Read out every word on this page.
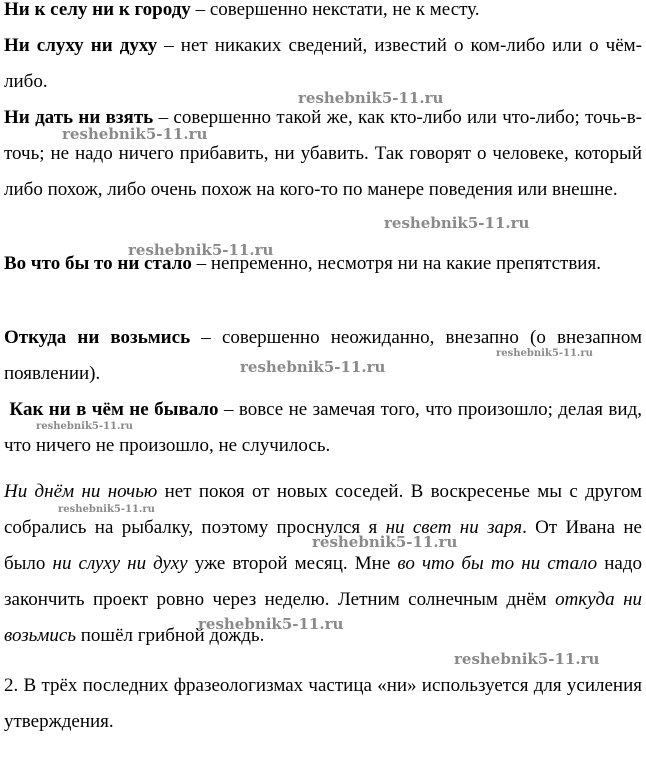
Ни к селу ни к городу – совершенно некстати, не к месту.

Ни слуху ни духу – нет никаких сведений, известий о ком-либо или о чём-либо.

Ни дать ни взять – совершенно такой же, как кто-либо или что-либо; точь-в-точь; не надо ничего прибавить, ни убавить. Так говорят о человеке, который либо похож, либо очень похож на кого-то по манере поведения или внешне.

Во что бы то ни стало – непременно, несмотря ни на какие препятствия.

Откуда ни возьмись – совершенно неожиданно, внезапно (о внезапном появлении).

Как ни в чём не бывало – вовсе не замечая того, что произошло; делая вид, что ничего не произошло, не случилось.

Ни днём ни ночью нет покоя от новых соседей. В воскресенье мы с другом собрались на рыбалку, поэтому проснулся я ни свет ни заря. От Ивана не было ни слуху ни духу уже второй месяц. Мне во что бы то ни стало надо закончить проект ровно через неделю. Летним солнечным днём откуда ни возьмись пошёл грибной дождь.

2. В трёх последних фразеологизмах частица «ни» используется для усиления утверждения.

reshebnik5-11.ru
reshebnik5-11.ru
reshebnik5-11.ru
reshebnik5-11.ru
reshebnik5-11.ru
reshebnik5-11.ru
reshebnik5-11.ru
reshebnik5-11.ru
reshebnik5-11.ru
reshebnik5-11.ru
reshebnik5-11.ru
